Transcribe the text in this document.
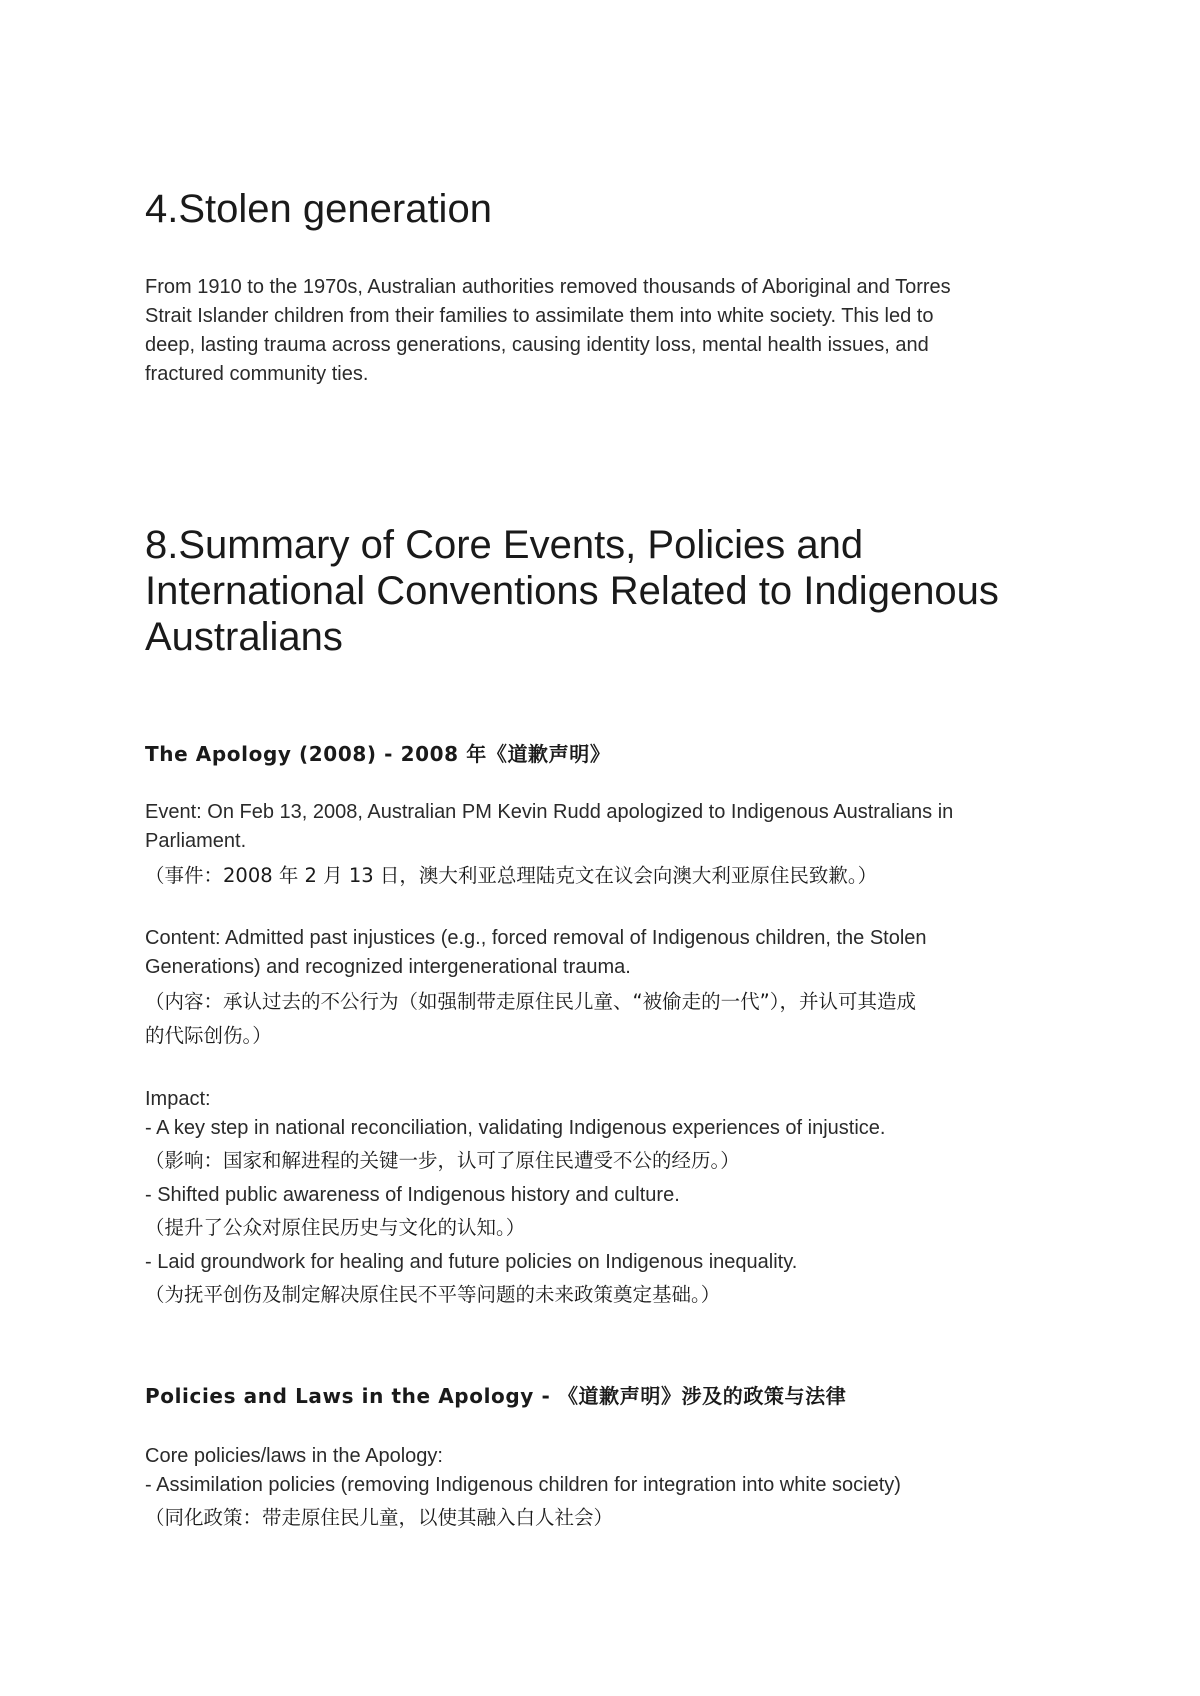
4.Stolen generation
From 1910 to the 1970s, Australian authorities removed thousands of Aboriginal and Torres
Strait Islander children from their families to assimilate them into white society. This led to
deep, lasting trauma across generations, causing identity loss, mental health issues, and
fractured community ties.
8.Summary of Core Events, Policies and
International Conventions Related to Indigenous
Australians
The Apology (2008) - 2008 年《道歉声明》
Event: On Feb 13, 2008, Australian PM Kevin Rudd apologized to Indigenous Australians in
Parliament.
（事件：2008 年 2 月 13 日，澳大利亚总理陆克文在议会向澳大利亚原住民致歉。）
Content: Admitted past injustices (e.g., forced removal of Indigenous children, the Stolen
Generations) and recognized intergenerational trauma.
（内容：承认过去的不公行为（如强制带走原住民儿童、“被偷走的一代”），并认可其造成
的代际创伤。）
Impact:
- A key step in national reconciliation, validating Indigenous experiences of injustice.
（影响：国家和解进程的关键一步，认可了原住民遭受不公的经历。）
- Shifted public awareness of Indigenous history and culture.
（提升了公众对原住民历史与文化的认知。）
- Laid groundwork for healing and future policies on Indigenous inequality.
（为抚平创伤及制定解决原住民不平等问题的未来政策奠定基础。）
Policies and Laws in the Apology - 《道歉声明》涉及的政策与法律
Core policies/laws in the Apology:
- Assimilation policies (removing Indigenous children for integration into white society)
（同化政策：带走原住民儿童，以使其融入白人社会）
